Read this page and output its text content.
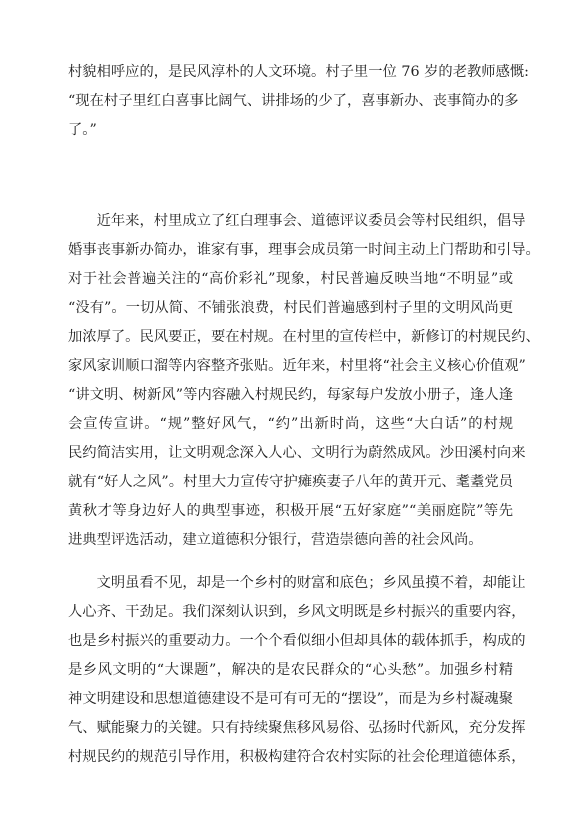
村貌相呼应的，是民风淳朴的人文环境。村子里一位 76 岁的老教师感慨:
“现在村子里红白喜事比阔气、讲排场的少了，喜事新办、丧事简办的多
了。”
　　近年来，村里成立了红白理事会、道德评议委员会等村民组织，倡导
婚事丧事新办简办，谁家有事，理事会成员第一时间主动上门帮助和引导。
对于社会普遍关注的“高价彩礼”现象，村民普遍反映当地“不明显”或
“没有”。一切从简、不铺张浪费，村民们普遍感到村子里的文明风尚更
加浓厚了。民风要正，要在村规。在村里的宣传栏中，新修订的村规民约、
家风家训顺口溜等内容整齐张贴。近年来，村里将“社会主义核心价值观”
“讲文明、树新风”等内容融入村规民约，每家每户发放小册子，逢人逢
会宣传宣讲。“规”整好风气，“约”出新时尚，这些“大白话”的村规
民约简洁实用，让文明观念深入人心、文明行为蔚然成风。沙田溪村向来
就有“好人之风”。村里大力宣传守护瘫痪妻子八年的黄开元、耄耋党员
黄秋才等身边好人的典型事迹，积极开展“五好家庭”“美丽庭院”等先
进典型评选活动，建立道德积分银行，营造崇德向善的社会风尚。
　　文明虽看不见，却是一个乡村的财富和底色；乡风虽摸不着，却能让
人心齐、干劲足。我们深刻认识到，乡风文明既是乡村振兴的重要内容，
也是乡村振兴的重要动力。一个个看似细小但却具体的载体抓手，构成的
是乡风文明的“大课题”，解决的是农民群众的“心头愁”。加强乡村精
神文明建设和思想道德建设不是可有可无的“摆设”，而是为乡村凝魂聚
气、赋能聚力的关键。只有持续聚焦移风易俗、弘扬时代新风，充分发挥
村规民约的规范引导作用，积极构建符合农村实际的社会伦理道德体系，
